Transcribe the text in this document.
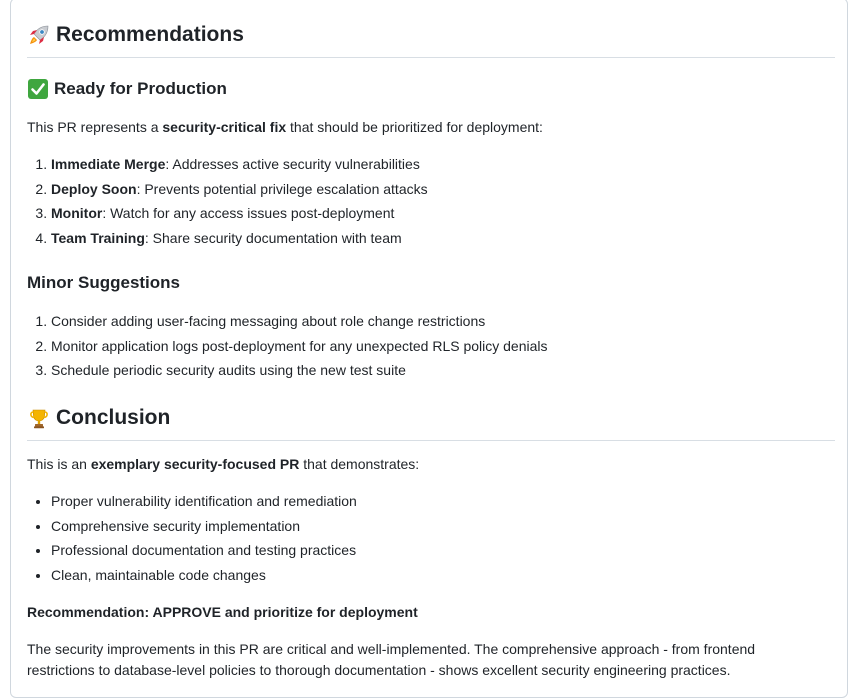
Recommendations
Ready for Production

This PR represents a security-critical fix that should be prioritized for deployment:

1. Immediate Merge: Addresses active security vulnerabilities
2. Deploy Soon: Prevents potential privilege escalation attacks
3. Monitor: Watch for any access issues post-deployment
4. Team Training: Share security documentation with team
Minor Suggestions
1. Consider adding user-facing messaging about role change restrictions
2. Monitor application logs post-deployment for any unexpected RLS policy denials
3. Schedule periodic security audits using the new test suite
Conclusion

This is an exemplary security-focused PR that demonstrates:

• Proper vulnerability identification and remediation
• Comprehensive security implementation
• Professional documentation and testing practices
• Clean, maintainable code changes

Recommendation: APPROVE and prioritize for deployment

The security improvements in this PR are critical and well-implemented. The comprehensive approach - from frontend
restrictions to database-level policies to thorough documentation - shows excellent security engineering practices.
